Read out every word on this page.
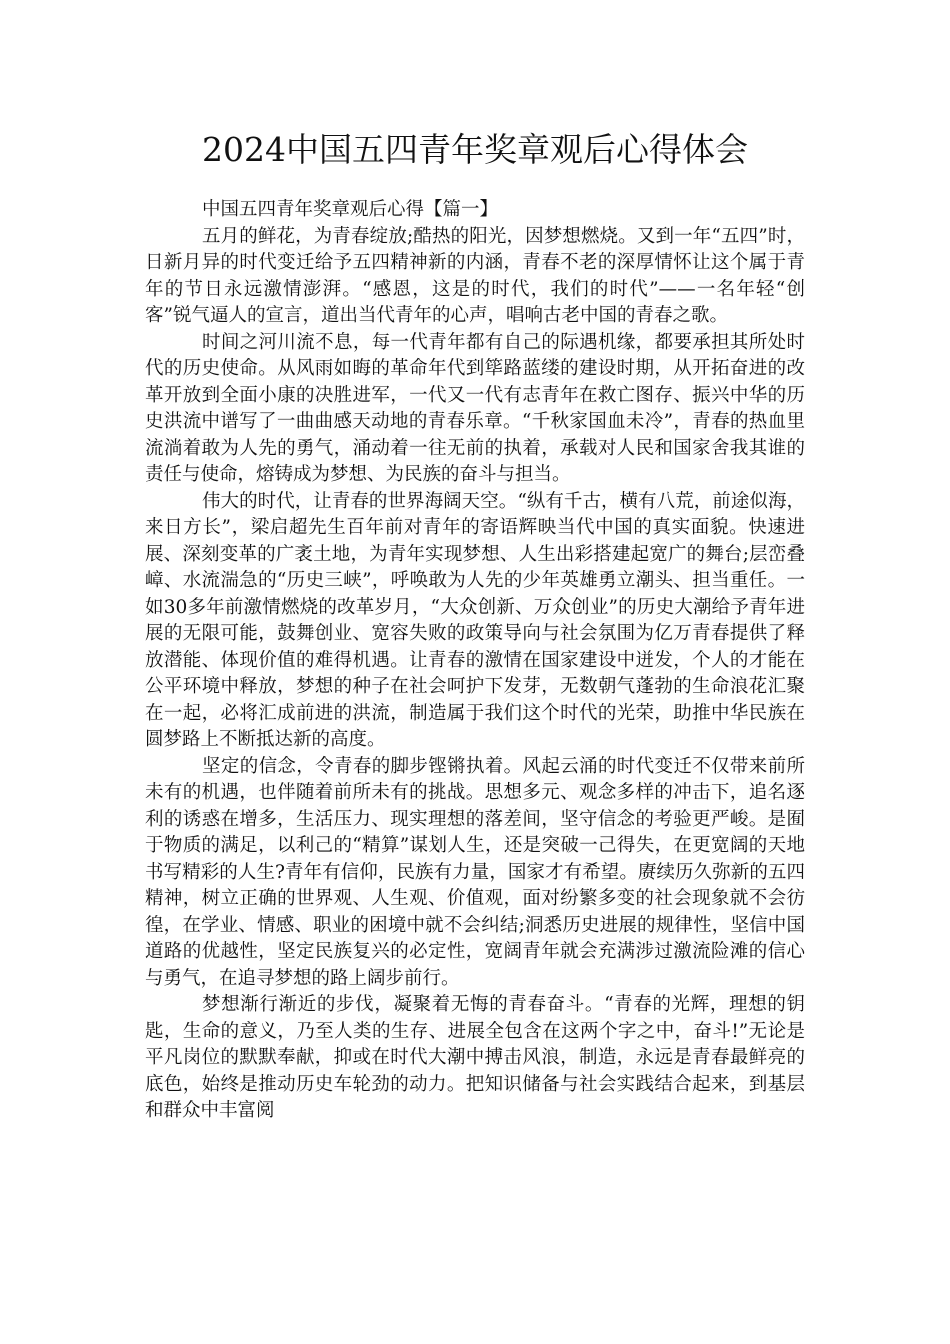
2024中国五四青年奖章观后心得体会

中国五四青年奖章观后心得【篇一】

五月的鲜花，为青春绽放;酷热的阳光，因梦想燃烧。又到一年“五四”时，日新月异的时代变迁给予五四精神新的内涵，青春不老的深厚情怀让这个属于青年的节日永远激情澎湃。“感恩，这是的时代，我们的时代”——一名年轻“创客”锐气逼人的宣言，道出当代青年的心声，唱响古老中国的青春之歌。

时间之河川流不息，每一代青年都有自己的际遇机缘，都要承担其所处时代的历史使命。从风雨如晦的革命年代到筚路蓝缕的建设时期，从开拓奋进的改革开放到全面小康的决胜进军，一代又一代有志青年在救亡图存、振兴中华的历史洪流中谱写了一曲曲感天动地的青春乐章。“千秋家国血未冷”，青春的热血里流淌着敢为人先的勇气，涌动着一往无前的执着，承载对人民和国家舍我其谁的责任与使命，熔铸成为梦想、为民族的奋斗与担当。

伟大的时代，让青春的世界海阔天空。“纵有千古，横有八荒，前途似海，来日方长”，梁启超先生百年前对青年的寄语辉映当代中国的真实面貌。快速进展、深刻变革的广袤土地，为青年实现梦想、人生出彩搭建起宽广的舞台;层峦叠嶂、水流湍急的“历史三峡”，呼唤敢为人先的少年英雄勇立潮头、担当重任。一如30多年前激情燃烧的改革岁月，“大众创新、万众创业”的历史大潮给予青年进展的无限可能，鼓舞创业、宽容失败的政策导向与社会氛围为亿万青春提供了释放潜能、体现价值的难得机遇。让青春的激情在国家建设中迸发，个人的才能在公平环境中释放，梦想的种子在社会呵护下发芽，无数朝气蓬勃的生命浪花汇聚在一起，必将汇成前进的洪流，制造属于我们这个时代的光荣，助推中华民族在圆梦路上不断抵达新的高度。

坚定的信念，令青春的脚步铿锵执着。风起云涌的时代变迁不仅带来前所未有的机遇，也伴随着前所未有的挑战。思想多元、观念多样的冲击下，追名逐利的诱惑在增多，生活压力、现实理想的落差间，坚守信念的考验更严峻。是囿于物质的满足，以利己的“精算”谋划人生，还是突破一己得失，在更宽阔的天地书写精彩的人生?青年有信仰，民族有力量，国家才有希望。赓续历久弥新的五四精神，树立正确的世界观、人生观、价值观，面对纷繁多变的社会现象就不会彷徨，在学业、情感、职业的困境中就不会纠结;洞悉历史进展的规律性，坚信中国道路的优越性，坚定民族复兴的必定性，宽阔青年就会充满涉过激流险滩的信心与勇气，在追寻梦想的路上阔步前行。

梦想渐行渐近的步伐，凝聚着无悔的青春奋斗。“青春的光辉，理想的钥匙，生命的意义，乃至人类的生存、进展全包含在这两个字之中，奋斗!”无论是平凡岗位的默默奉献，抑或在时代大潮中搏击风浪，制造，永远是青春最鲜亮的底色，始终是推动历史车轮劲的动力。把知识储备与社会实践结合起来，到基层和群众中丰富阅
